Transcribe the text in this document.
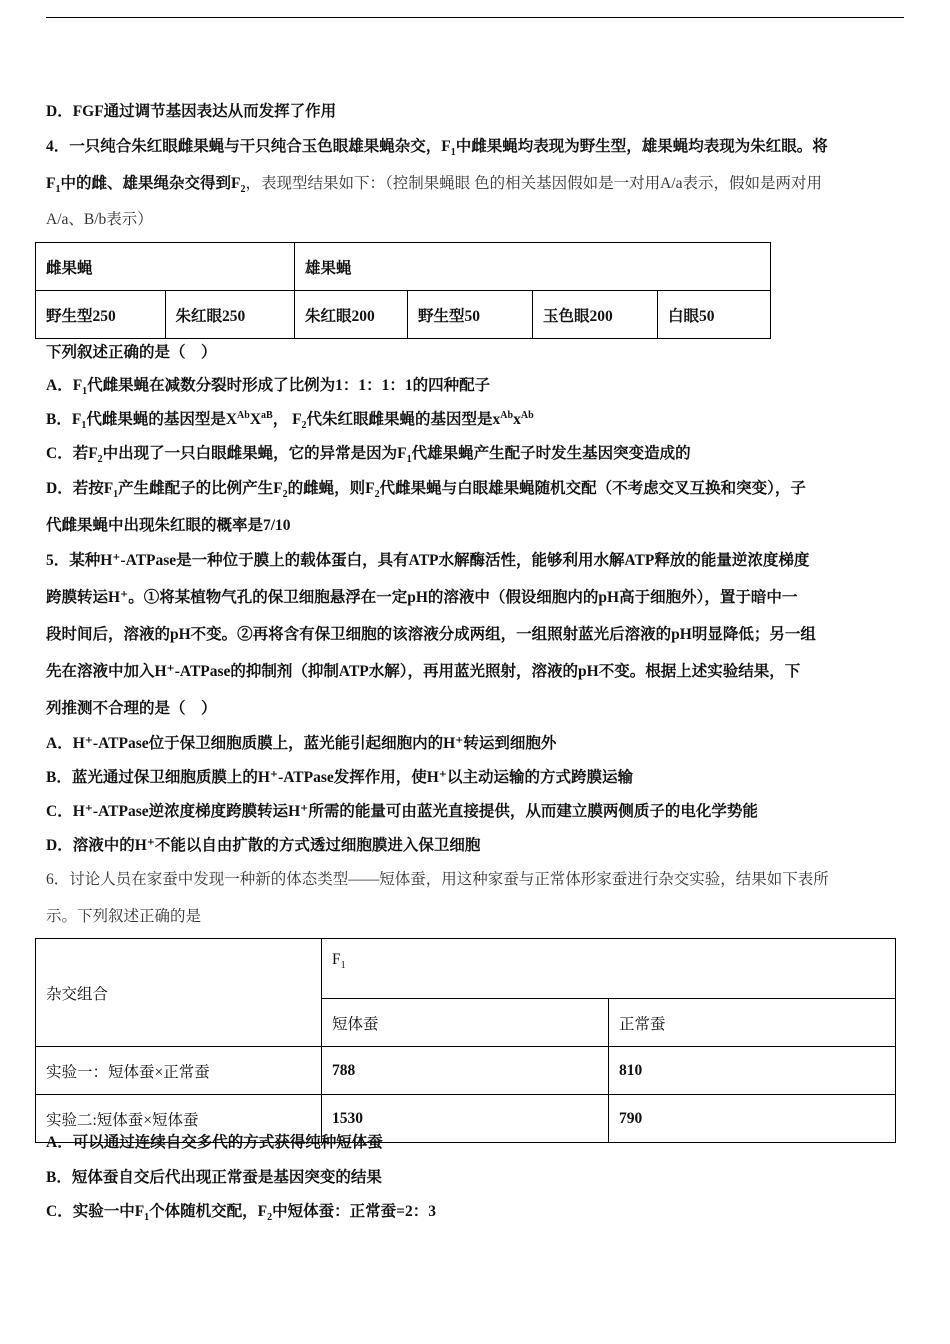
D．FGF通过调节基因表达从而发挥了作用
4．一只纯合朱红眼雌果蝇与干只纯合玉色眼雄果蝇杂交，$F_1$中雌果蝇均表现为野生型，雄果蝇均表现为朱红眼。将
$F_1$中的雌、雄果绳杂交得到$F_2$，表现型结果如下：（控制果蝇眼 色的相关基因假如是一对用A/a表示，假如是两对用
A/a、B/b表示）
雌果蝇		雄果蝇			
野生型250	朱红眼250	朱红眼200	野生型50	玉色眼200	白眼50
下列叙述正确的是（　）
A．$F_1$代雌果蝇在减数分裂时形成了比例为1：1：1：1的四种配子
B．$F_1$代雌果蝇的基因型是$X^{Ab}X^{aB}$， $F_2$代朱红眼雌果蝇的基因型是$x^{Ab}x^{Ab}$
C．若$F_2$中出现了一只白眼雌果蝇，它的异常是因为$F_1$代雄果蝇产生配子时发生基因突变造成的
D．若按$F_1$产生雌配子的比例产生$F_2$的雌蝇，则$F_2$代雌果蝇与白眼雄果蝇随机交配（不考虑交叉互换和突变），子
代雌果蝇中出现朱红眼的概率是7/10
5．某种H⁺-ATPase是一种位于膜上的载体蛋白，具有ATP水解酶活性，能够利用水解ATP释放的能量逆浓度梯度
跨膜转运H⁺。①将某植物气孔的保卫细胞悬浮在一定pH的溶液中（假设细胞内的pH高于细胞外），置于暗中一
段时间后，溶液的pH不变。②再将含有保卫细胞的该溶液分成两组，一组照射蓝光后溶液的pH明显降低；另一组
先在溶液中加入H⁺-ATPase的抑制剂（抑制ATP水解），再用蓝光照射，溶液的pH不变。根据上述实验结果，下
列推测不合理的是（　）
A．H⁺-ATPase位于保卫细胞质膜上，蓝光能引起细胞内的H⁺转运到细胞外
B．蓝光通过保卫细胞质膜上的H⁺-ATPase发挥作用，使H⁺以主动运输的方式跨膜运输
C．H⁺-ATPase逆浓度梯度跨膜转运H⁺所需的能量可由蓝光直接提供，从而建立膜两侧质子的电化学势能
D．溶液中的H⁺不能以自由扩散的方式透过细胞膜进入保卫细胞
6．讨论人员在家蚕中发现一种新的体态类型——短体蚕，用这种家蚕与正常体形家蚕进行杂交实验，结果如下表所
示。下列叙述正确的是
杂交组合	$F_1$
	短体蚕	正常蚕
实验一：短体蚕×正常蚕	788	810
实验二:短体蚕×短体蚕	1530	790
A．可以通过连续自交多代的方式获得纯种短体蚕
B．短体蚕自交后代出现正常蚕是基因突变的结果
C．实验一中$F_1$个体随机交配，$F_2$中短体蚕：正常蚕=2：3
